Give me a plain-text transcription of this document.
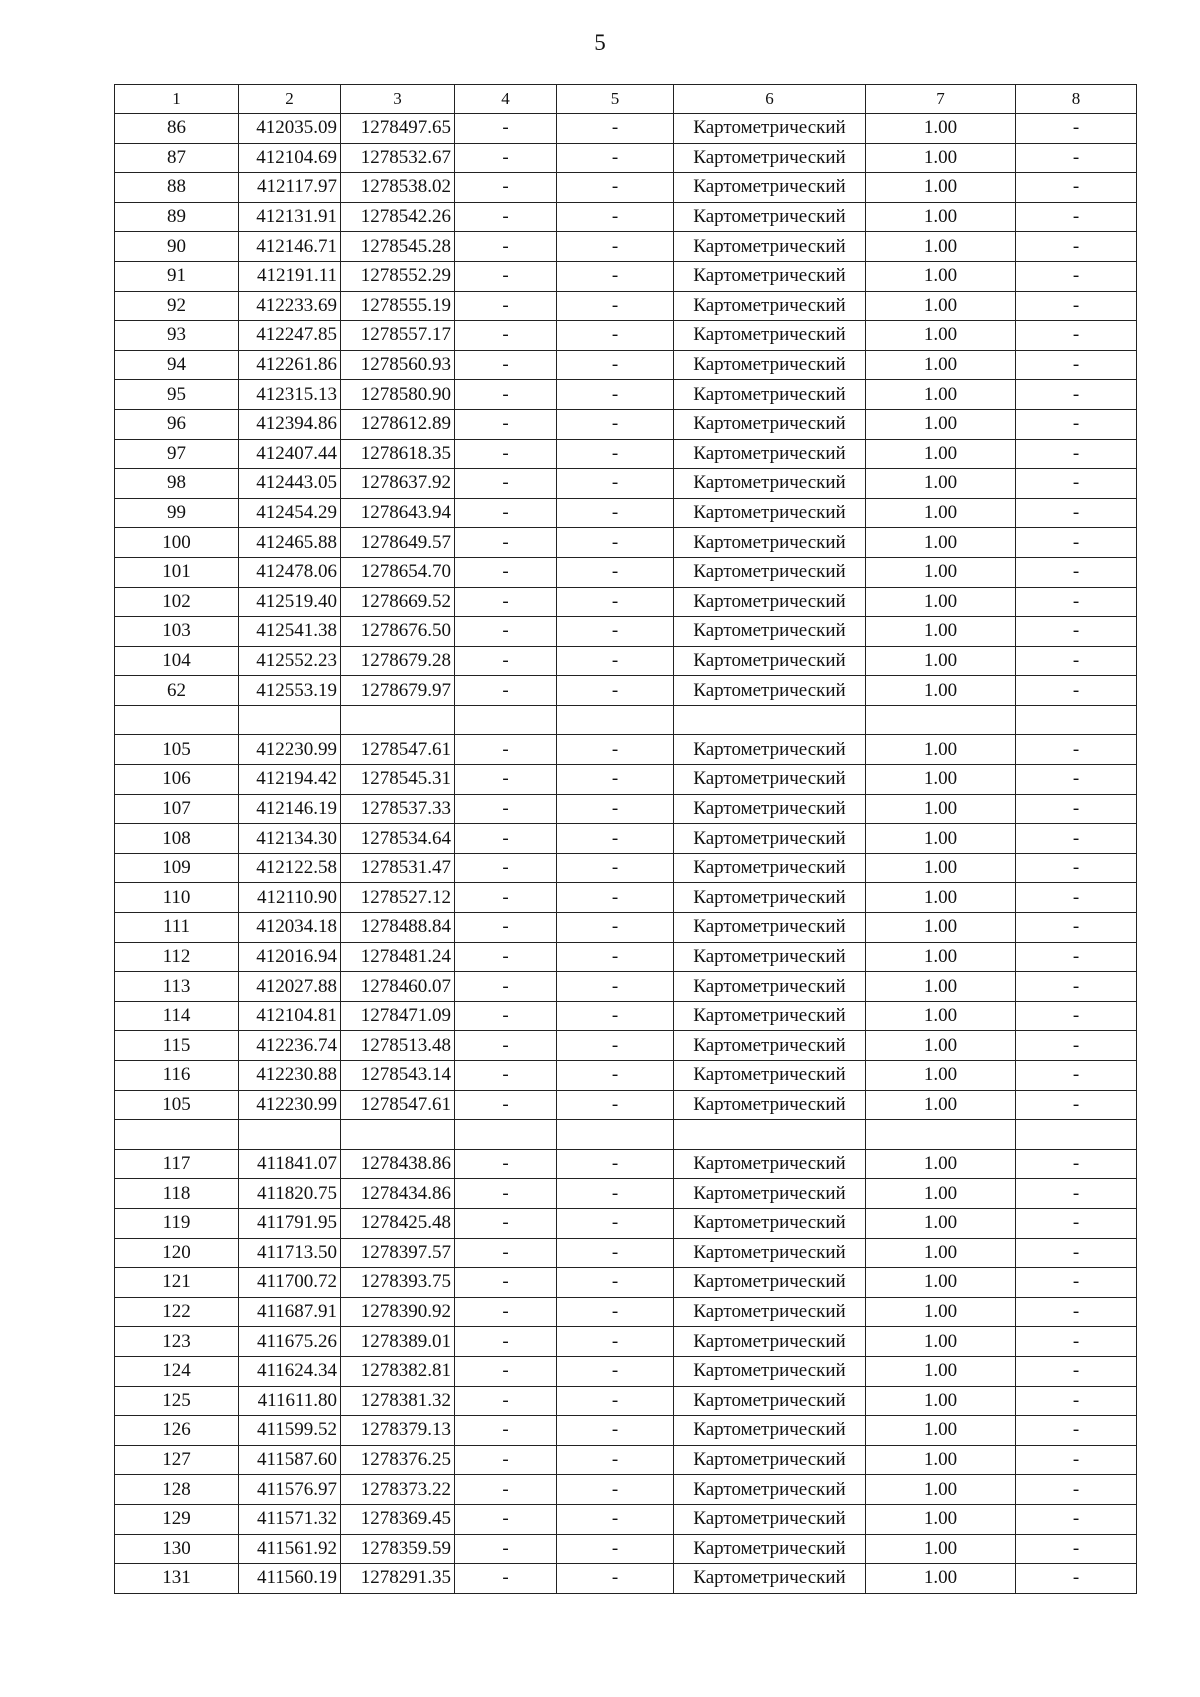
5
1	2	3	4	5	6	7	8
86	412035.09	1278497.65	-	-	Картометрический	1.00	-
87	412104.69	1278532.67	-	-	Картометрический	1.00	-
88	412117.97	1278538.02	-	-	Картометрический	1.00	-
89	412131.91	1278542.26	-	-	Картометрический	1.00	-
90	412146.71	1278545.28	-	-	Картометрический	1.00	-
91	412191.11	1278552.29	-	-	Картометрический	1.00	-
92	412233.69	1278555.19	-	-	Картометрический	1.00	-
93	412247.85	1278557.17	-	-	Картометрический	1.00	-
94	412261.86	1278560.93	-	-	Картометрический	1.00	-
95	412315.13	1278580.90	-	-	Картометрический	1.00	-
96	412394.86	1278612.89	-	-	Картометрический	1.00	-
97	412407.44	1278618.35	-	-	Картометрический	1.00	-
98	412443.05	1278637.92	-	-	Картометрический	1.00	-
99	412454.29	1278643.94	-	-	Картометрический	1.00	-
100	412465.88	1278649.57	-	-	Картометрический	1.00	-
101	412478.06	1278654.70	-	-	Картометрический	1.00	-
102	412519.40	1278669.52	-	-	Картометрический	1.00	-
103	412541.38	1278676.50	-	-	Картометрический	1.00	-
104	412552.23	1278679.28	-	-	Картометрический	1.00	-
62	412553.19	1278679.97	-	-	Картометрический	1.00	-

105	412230.99	1278547.61	-	-	Картометрический	1.00	-
106	412194.42	1278545.31	-	-	Картометрический	1.00	-
107	412146.19	1278537.33	-	-	Картометрический	1.00	-
108	412134.30	1278534.64	-	-	Картометрический	1.00	-
109	412122.58	1278531.47	-	-	Картометрический	1.00	-
110	412110.90	1278527.12	-	-	Картометрический	1.00	-
111	412034.18	1278488.84	-	-	Картометрический	1.00	-
112	412016.94	1278481.24	-	-	Картометрический	1.00	-
113	412027.88	1278460.07	-	-	Картометрический	1.00	-
114	412104.81	1278471.09	-	-	Картометрический	1.00	-
115	412236.74	1278513.48	-	-	Картометрический	1.00	-
116	412230.88	1278543.14	-	-	Картометрический	1.00	-
105	412230.99	1278547.61	-	-	Картометрический	1.00	-

117	411841.07	1278438.86	-	-	Картометрический	1.00	-
118	411820.75	1278434.86	-	-	Картометрический	1.00	-
119	411791.95	1278425.48	-	-	Картометрический	1.00	-
120	411713.50	1278397.57	-	-	Картометрический	1.00	-
121	411700.72	1278393.75	-	-	Картометрический	1.00	-
122	411687.91	1278390.92	-	-	Картометрический	1.00	-
123	411675.26	1278389.01	-	-	Картометрический	1.00	-
124	411624.34	1278382.81	-	-	Картометрический	1.00	-
125	411611.80	1278381.32	-	-	Картометрический	1.00	-
126	411599.52	1278379.13	-	-	Картометрический	1.00	-
127	411587.60	1278376.25	-	-	Картометрический	1.00	-
128	411576.97	1278373.22	-	-	Картометрический	1.00	-
129	411571.32	1278369.45	-	-	Картометрический	1.00	-
130	411561.92	1278359.59	-	-	Картометрический	1.00	-
131	411560.19	1278291.35	-	-	Картометрический	1.00	-
